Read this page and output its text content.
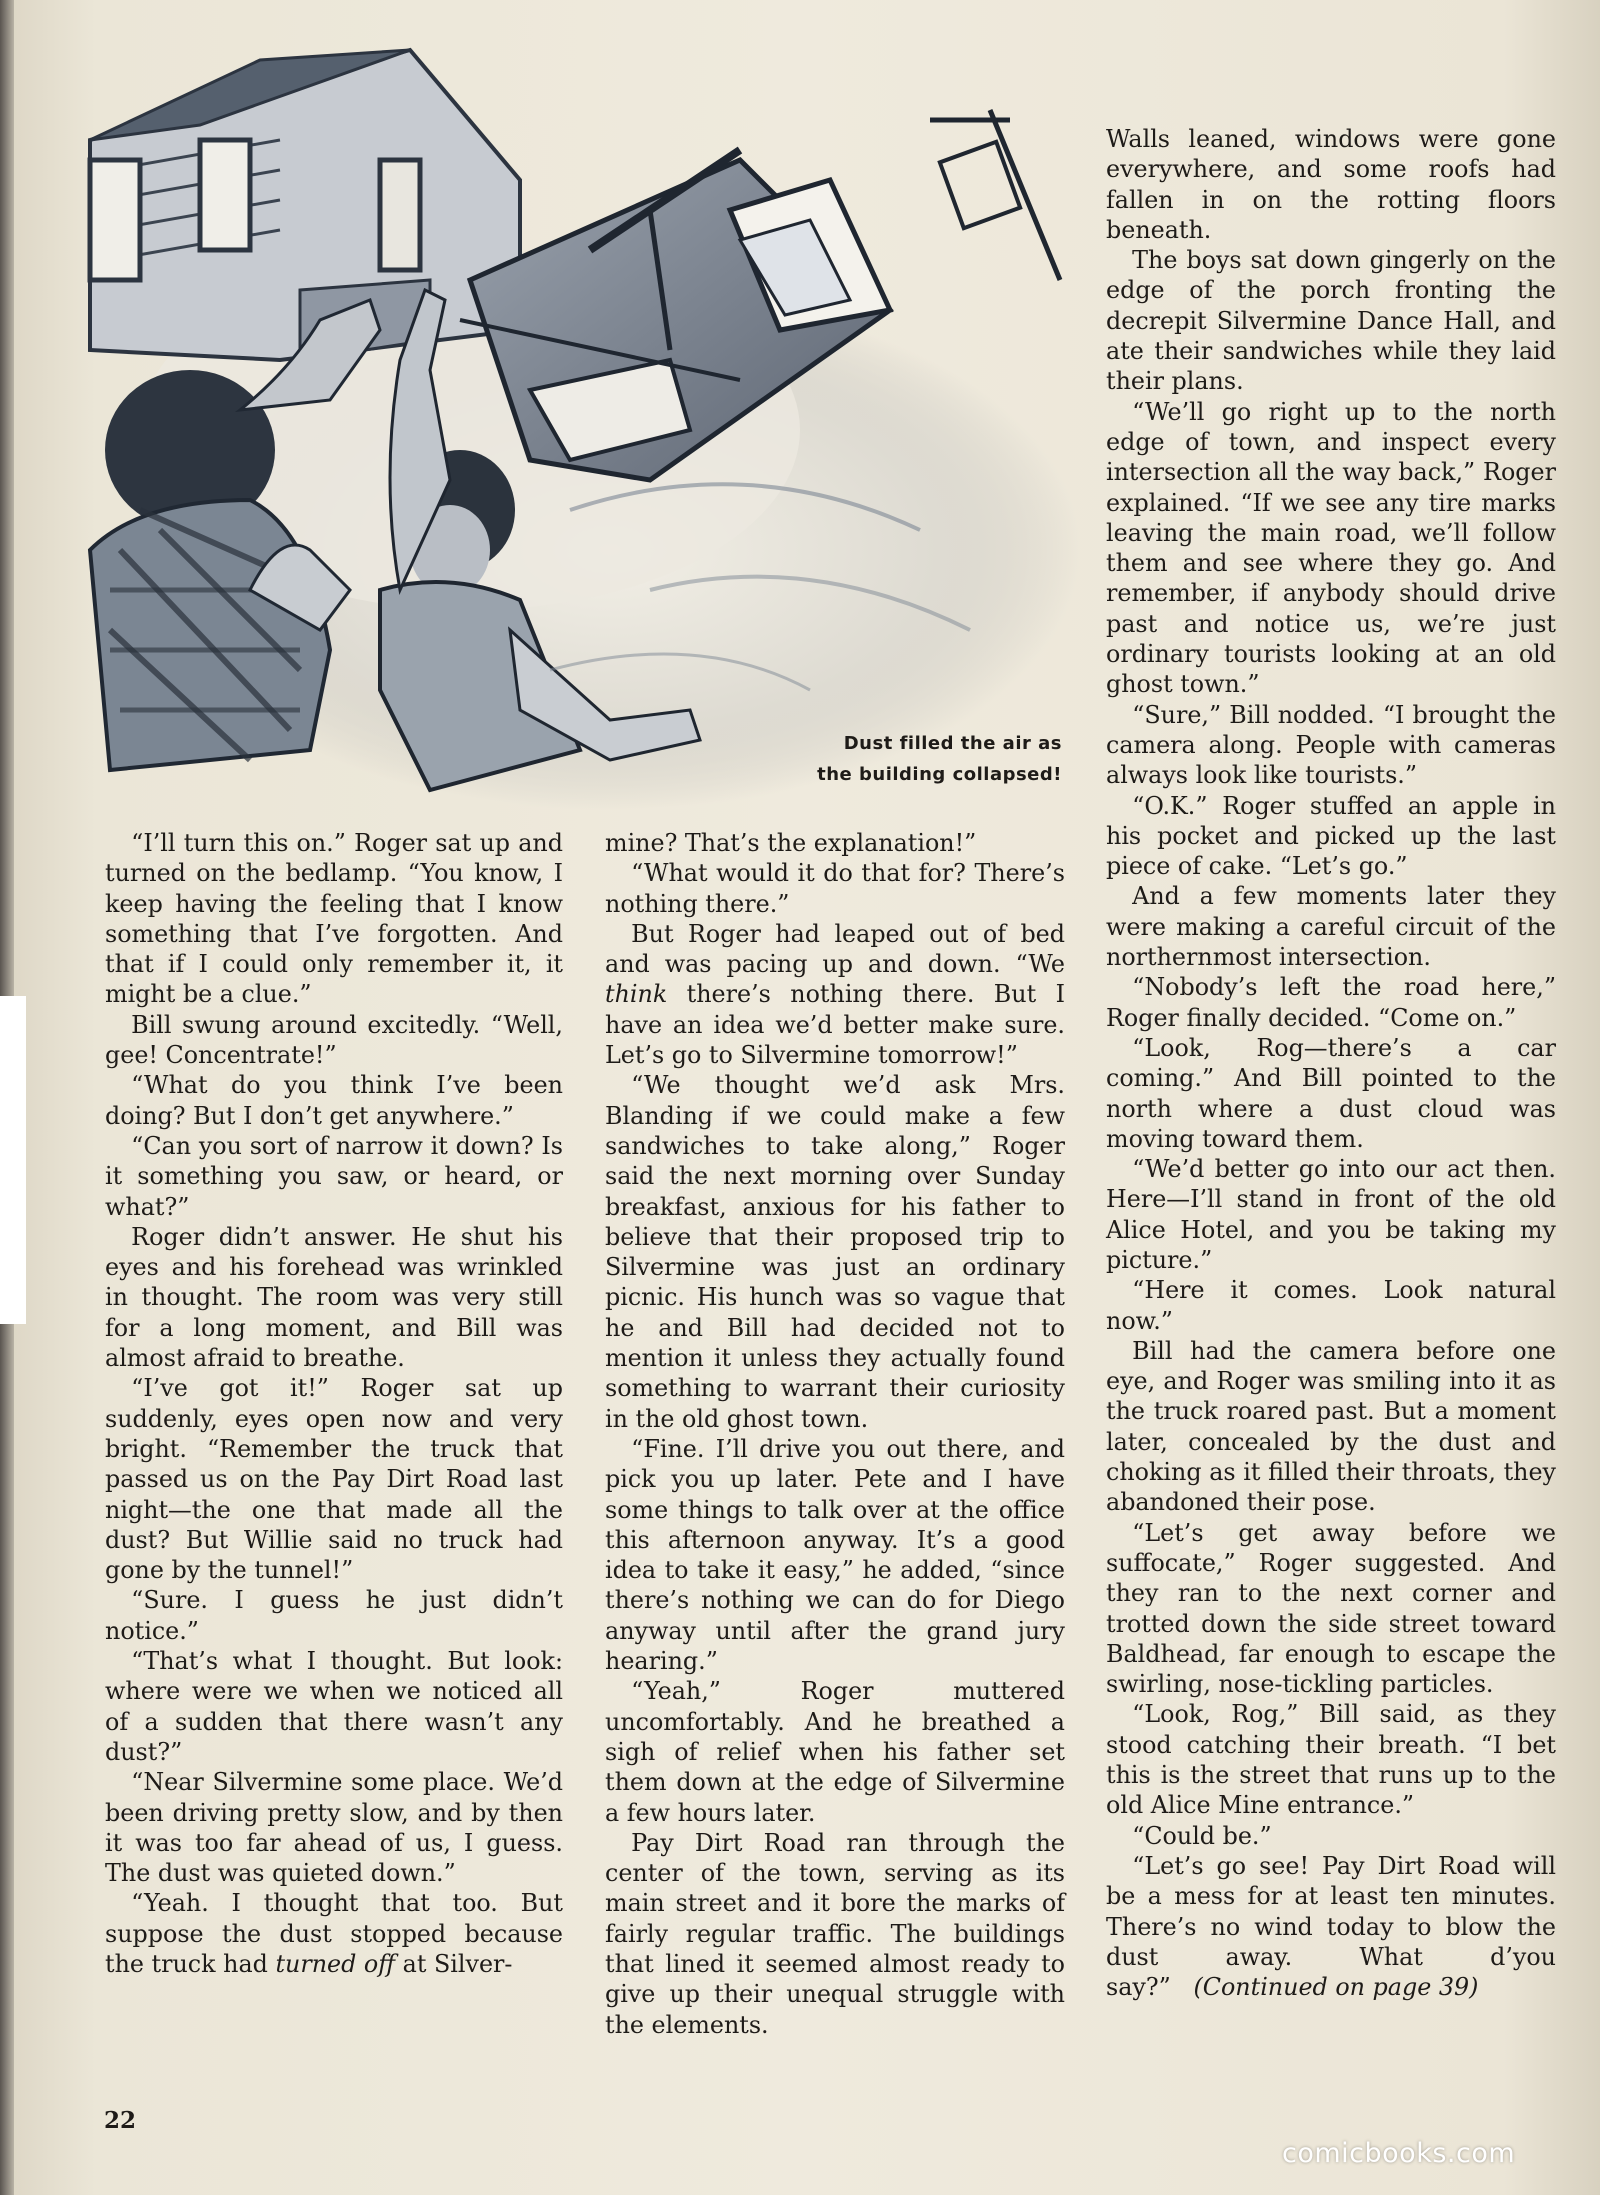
Dust filled the air as
the building collapsed!

“I’ll turn this on.” Roger sat up and turned on the bedlamp. “You know, I keep having the feeling that I know something that I’ve forgotten. And that if I could only remember it, it might be a clue.”

Bill swung around excitedly. “Well, gee! Concentrate!”

“What do you think I’ve been doing? But I don’t get anywhere.”

“Can you sort of narrow it down? Is it something you saw, or heard, or what?”

Roger didn’t answer. He shut his eyes and his forehead was wrinkled in thought. The room was very still for a long moment, and Bill was almost afraid to breathe.

“I’ve got it!” Roger sat up suddenly, eyes open now and very bright. “Remember the truck that passed us on the Pay Dirt Road last night—the one that made all the dust? But Willie said no truck had gone by the tunnel!”

“Sure. I guess he just didn’t notice.”

“That’s what I thought. But look: where were we when we noticed all of a sudden that there wasn’t any dust?”

“Near Silvermine some place. We’d been driving pretty slow, and by then it was too far ahead of us, I guess. The dust was quieted down.”

“Yeah. I thought that too. But suppose the dust stopped because the truck had turned off at Silver-

mine? That’s the explanation!”

“What would it do that for? There’s nothing there.”

But Roger had leaped out of bed and was pacing up and down. “We think there’s nothing there. But I have an idea we’d better make sure. Let’s go to Silvermine tomorrow!”

“We thought we’d ask Mrs. Blanding if we could make a few sandwiches to take along,” Roger said the next morning over Sunday breakfast, anxious for his father to believe that their proposed trip to Silvermine was just an ordinary picnic. His hunch was so vague that he and Bill had decided not to mention it unless they actually found something to warrant their curiosity in the old ghost town.

“Fine. I’ll drive you out there, and pick you up later. Pete and I have some things to talk over at the office this afternoon anyway. It’s a good idea to take it easy,” he added, “since there’s nothing we can do for Diego anyway until after the grand jury hearing.”

“Yeah,” Roger muttered uncomfortably. And he breathed a sigh of relief when his father set them down at the edge of Silvermine a few hours later.

Pay Dirt Road ran through the center of the town, serving as its main street and it bore the marks of fairly regular traffic. The buildings that lined it seemed almost ready to give up their unequal struggle with the elements.

Walls leaned, windows were gone everywhere, and some roofs had fallen in on the rotting floors beneath.

The boys sat down gingerly on the edge of the porch fronting the decrepit Silvermine Dance Hall, and ate their sandwiches while they laid their plans.

“We’ll go right up to the north edge of town, and inspect every intersection all the way back,” Roger explained. “If we see any tire marks leaving the main road, we’ll follow them and see where they go. And remember, if anybody should drive past and notice us, we’re just ordinary tourists looking at an old ghost town.”

“Sure,” Bill nodded. “I brought the camera along. People with cameras always look like tourists.”

“O.K.” Roger stuffed an apple in his pocket and picked up the last piece of cake. “Let’s go.”

And a few moments later they were making a careful circuit of the northernmost intersection.

“Nobody’s left the road here,” Roger finally decided. “Come on.”

“Look, Rog—there’s a car coming.” And Bill pointed to the north where a dust cloud was moving toward them.

“We’d better go into our act then. Here—I’ll stand in front of the old Alice Hotel, and you be taking my picture.”

“Here it comes. Look natural now.”

Bill had the camera before one eye, and Roger was smiling into it as the truck roared past. But a moment later, concealed by the dust and choking as it filled their throats, they abandoned their pose.

“Let’s get away before we suffocate,” Roger suggested. And they ran to the next corner and trotted down the side street toward Baldhead, far enough to escape the swirling, nose-tickling particles.

“Look, Rog,” Bill said, as they stood catching their breath. “I bet this is the street that runs up to the old Alice Mine entrance.”

“Could be.”

“Let’s go see! Pay Dirt Road will be a mess for at least ten minutes. There’s no wind today to blow the dust away. What d’you say?” (Continued on page 39)

22
comicbooks.com
